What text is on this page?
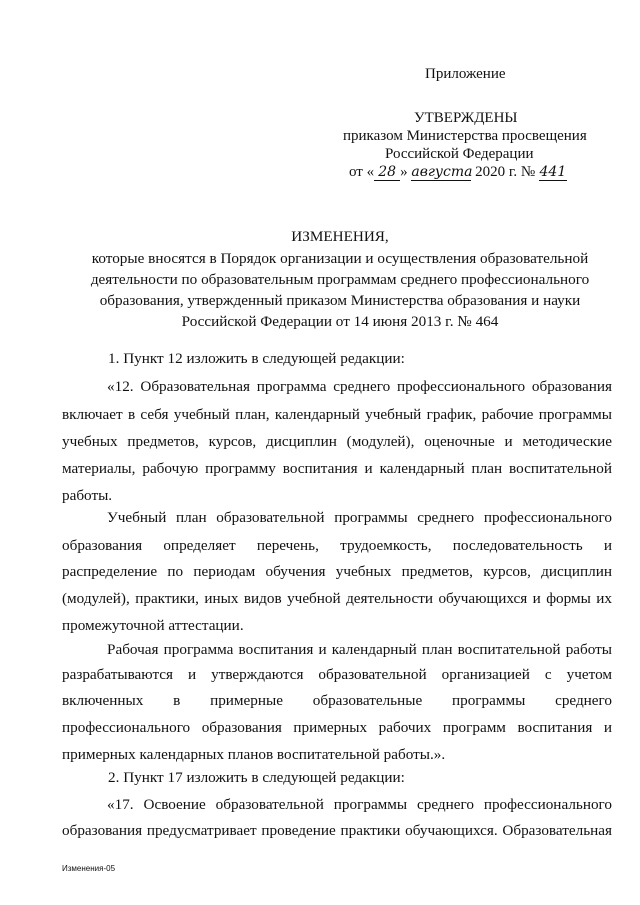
Приложение
УТВЕРЖДЕНЫ
приказом Министерства просвещения
Российской Федерации
от « 28 » августа 2020 г. № 441
ИЗМЕНЕНИЯ,
которые вносятся в Порядок организации и осуществления образовательной
деятельности по образовательным программам среднего профессионального
образования, утвержденный приказом Министерства образования и науки
Российской Федерации от 14 июня 2013 г. № 464
1. Пункт 12 изложить в следующей редакции:
«12. Образовательная программа среднего профессионального образования
включает в себя учебный план, календарный учебный график, рабочие программы
учебных предметов, курсов, дисциплин (модулей), оценочные и методические
материалы, рабочую программу воспитания и календарный план воспитательной
работы.
Учебный план образовательной программы среднего профессионального
образования определяет перечень, трудоемкость, последовательность и
распределение по периодам обучения учебных предметов, курсов, дисциплин
(модулей), практики, иных видов учебной деятельности обучающихся и формы их
промежуточной аттестации.
Рабочая программа воспитания и календарный план воспитательной работы
разрабатываются и утверждаются образовательной организацией с учетом
включенных в примерные образовательные программы среднего
профессионального образования примерных рабочих программ воспитания и
примерных календарных планов воспитательной работы.».
2. Пункт 17 изложить в следующей редакции:
«17. Освоение образовательной программы среднего профессионального
образования предусматривает проведение практики обучающихся. Образовательная
Изменения-05
